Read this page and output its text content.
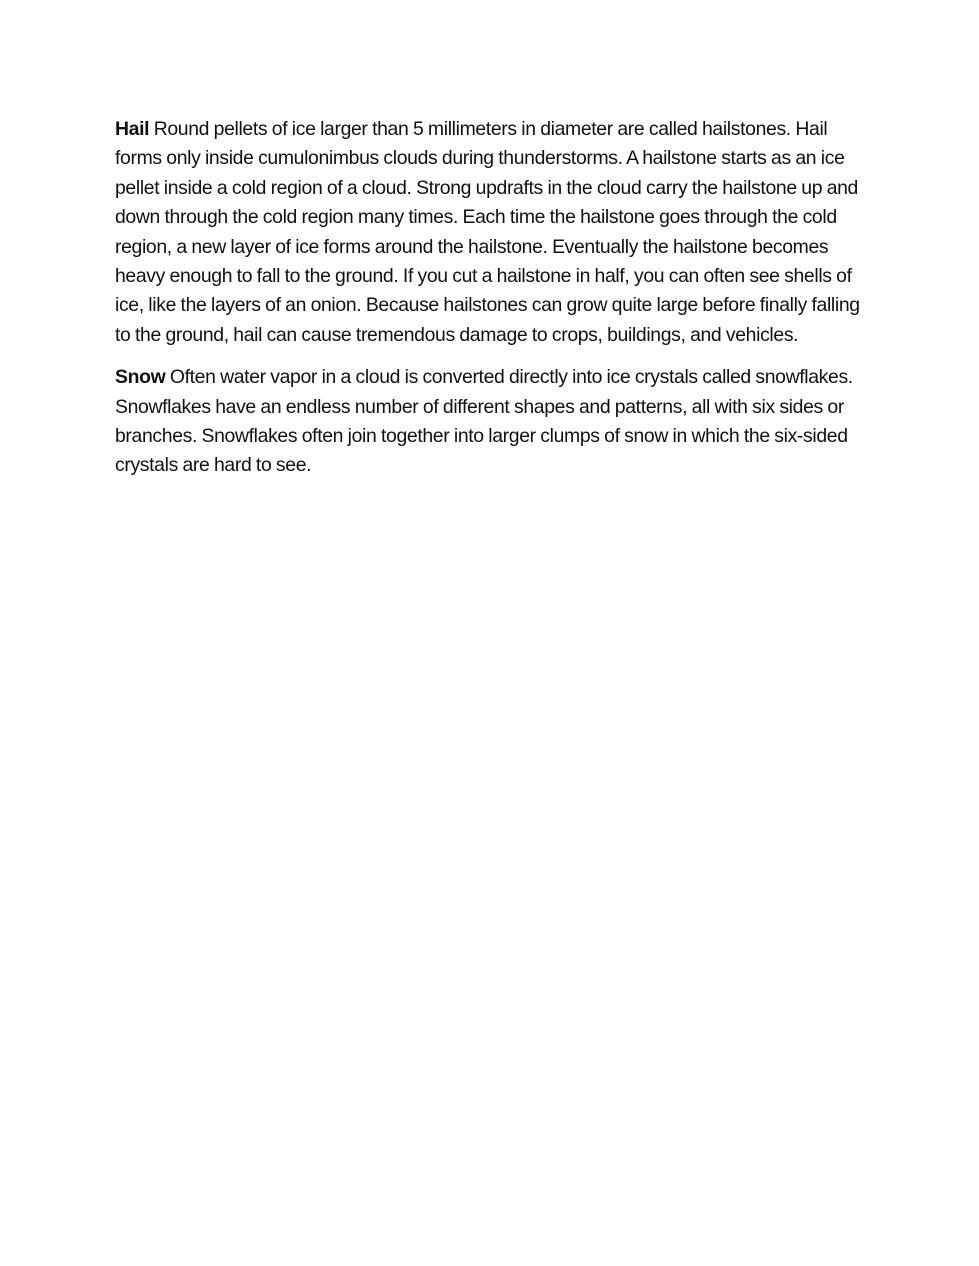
Hail Round pellets of ice larger than 5 millimeters in diameter are called hailstones. Hail forms only inside cumulonimbus clouds during thunderstorms. A hailstone starts as an ice pellet inside a cold region of a cloud. Strong updrafts in the cloud carry the hailstone up and down through the cold region many times. Each time the hailstone goes through the cold region, a new layer of ice forms around the hailstone. Eventually the hailstone becomes heavy enough to fall to the ground. If you cut a hailstone in half, you can often see shells of ice, like the layers of an onion. Because hailstones can grow quite large before finally falling to the ground, hail can cause tremendous damage to crops, buildings, and vehicles.

Snow Often water vapor in a cloud is converted directly into ice crystals called snowflakes. Snowflakes have an endless number of different shapes and patterns, all with six sides or branches. Snowflakes often join together into larger clumps of snow in which the six-sided crystals are hard to see.
